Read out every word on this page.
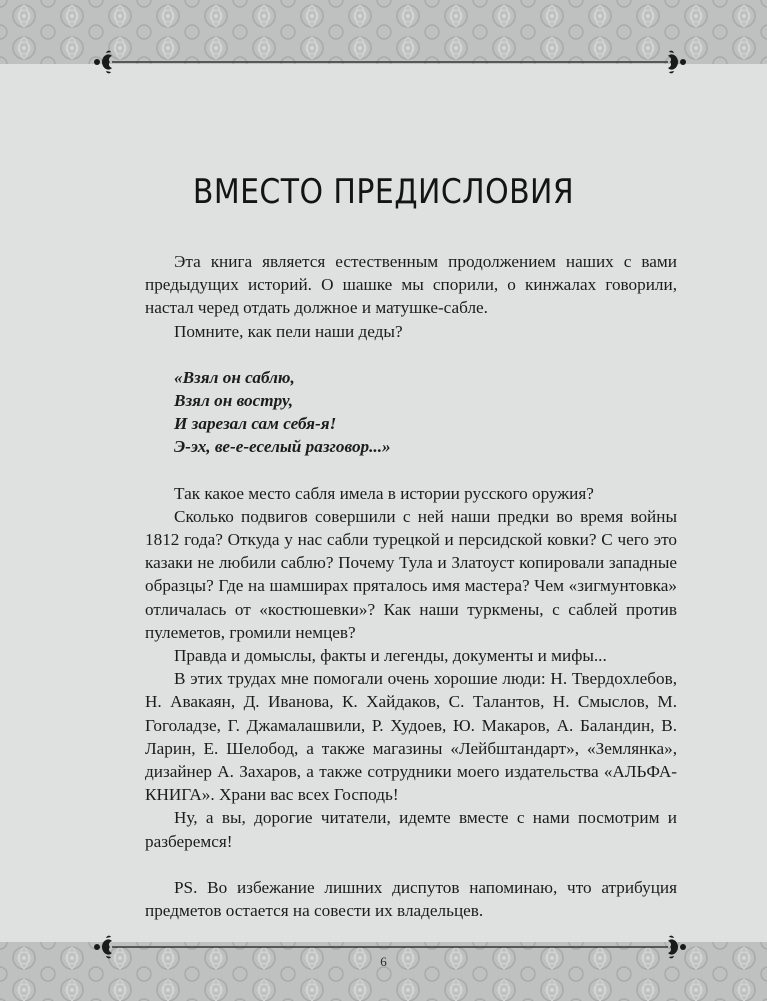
ВМЕСТО ПРЕДИСЛОВИЯ

Эта книга является естественным продолжением наших с вами предыдущих историй. О шашке мы спорили, о кинжалах говорили, настал черед отдать должное и матушке-сабле.

Помните, как пели наши деды?

«Взял он саблю,
Взял он востру,
И зарезал сам себя-я!
Э-эх, ве-е-еселый разговор...»

Так какое место сабля имела в истории русского оружия?

Сколько подвигов совершили с ней наши предки во время войны 1812 года? Откуда у нас сабли турецкой и персидской ковки? С чего это казаки не любили саблю? Почему Тула и Златоуст копировали западные образцы? Где на шамширах пряталось имя мастера? Чем «зигмунтовка» отличалась от «костюшевки»? Как наши туркмены, с саблей против пулеметов, громили немцев?

Правда и домыслы, факты и легенды, документы и мифы...

В этих трудах мне помогали очень хорошие люди: Н. Твердохлебов, Н. Авакаян, Д. Иванова, К. Хайдаков, С. Талантов, Н. Смыслов, М. Гоголадзе, Г. Джамалашвили, Р. Худоев, Ю. Макаров, А. Баландин, В. Ларин, Е. Шелобод, а также магазины «Лейбштандарт», «Землянка», дизайнер А. Захаров, а также сотрудники моего издательства «АЛЬФА-КНИГА». Храни вас всех Господь!

Ну, а вы, дорогие читатели, идемте вместе с нами посмотрим и разберемся!

PS. Во избежание лишних диспутов напоминаю, что атрибуция предметов остается на совести их владельцев.

6
